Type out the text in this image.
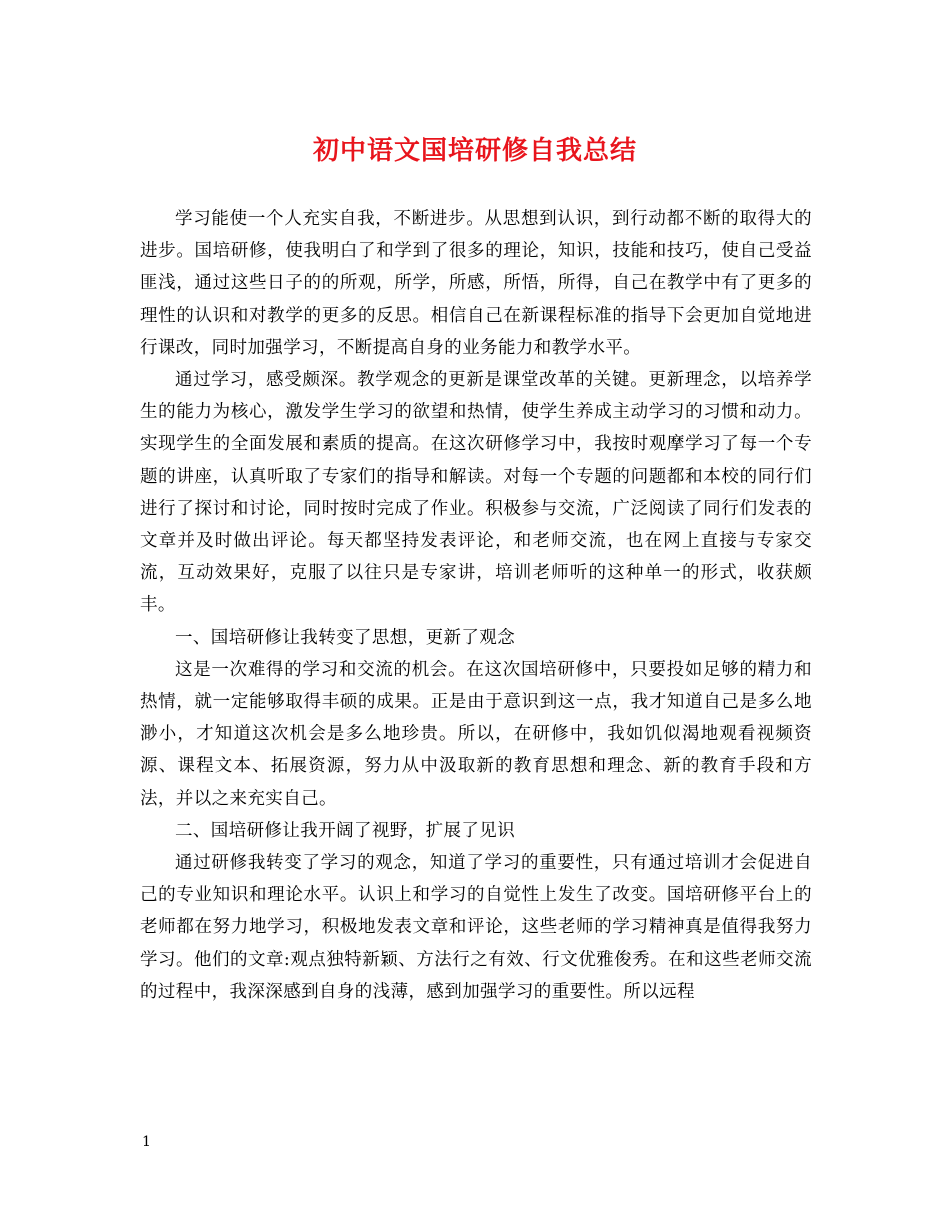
初中语文国培研修自我总结

学习能使一个人充实自我，不断进步。从思想到认识，到行动都不断的取得大的进步。国培研修，使我明白了和学到了很多的理论，知识，技能和技巧，使自己受益匪浅，通过这些日子的的所观，所学，所感，所悟，所得，自己在教学中有了更多的理性的认识和对教学的更多的反思。相信自己在新课程标准的指导下会更加自觉地进行课改，同时加强学习，不断提高自身的业务能力和教学水平。

通过学习，感受颇深。教学观念的更新是课堂改革的关键。更新理念，以培养学生的能力为核心，激发学生学习的欲望和热情，使学生养成主动学习的习惯和动力。实现学生的全面发展和素质的提高。在这次研修学习中，我按时观摩学习了每一个专题的讲座，认真听取了专家们的指导和解读。对每一个专题的问题都和本校的同行们进行了探讨和讨论，同时按时完成了作业。积极参与交流，广泛阅读了同行们发表的文章并及时做出评论。每天都坚持发表评论，和老师交流，也在网上直接与专家交流，互动效果好，克服了以往只是专家讲，培训老师听的这种单一的形式，收获颇丰。

一、国培研修让我转变了思想，更新了观念

这是一次难得的学习和交流的机会。在这次国培研修中，只要投如足够的精力和热情，就一定能够取得丰硕的成果。正是由于意识到这一点，我才知道自己是多么地渺小，才知道这次机会是多么地珍贵。所以，在研修中，我如饥似渴地观看视频资源、课程文本、拓展资源，努力从中汲取新的教育思想和理念、新的教育手段和方法，并以之来充实自己。

二、国培研修让我开阔了视野，扩展了见识

通过研修我转变了学习的观念，知道了学习的重要性，只有通过培训才会促进自己的专业知识和理论水平。认识上和学习的自觉性上发生了改变。国培研修平台上的老师都在努力地学习，积极地发表文章和评论，这些老师的学习精神真是值得我努力学习。他们的文章:观点独特新颖、方法行之有效、行文优雅俊秀。在和这些老师交流的过程中，我深深感到自身的浅薄，感到加强学习的重要性。所以远程

1
